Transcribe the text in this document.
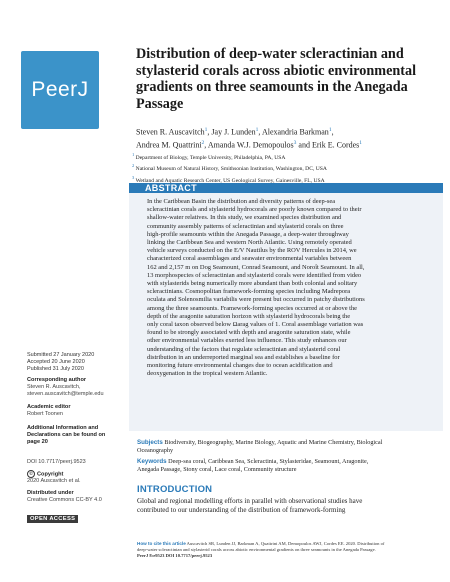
PeerJ
Distribution of deep-water scleractinian and stylasterid corals across abiotic environmental gradients on three seamounts in the Anegada Passage
Steven R. Auscavitch$^1$, Jay J. Lunden$^1$, Alexandria Barkman$^1$,
Andrea M. Quattrini$^2$, Amanda W.J. Demopoulos$^3$ and Erik E. Cordes$^1$
$^1$ Department of Biology, Temple University, Philadelphia, PA, USA
$^2$ National Museum of Natural History, Smithsonian Institution, Washington, DC, USA
$^3$ Wetland and Aquatic Research Center, US Geological Survey, Gainesville, FL, USA
ABSTRACT
In the Caribbean Basin the distribution and diversity patterns of deep-sea
scleractinian corals and stylasterid hydrocorals are poorly known compared to their
shallow-water relatives. In this study, we examined species distribution and
community assembly patterns of scleractinian and stylasterid corals on three
high-profile seamounts within the Anegada Passage, a deep-water throughway
linking the Caribbean Sea and western North Atlantic. Using remotely operated
vehicle surveys conducted on the E/V Nautilus by the ROV Hercules in 2014, we
characterized coral assemblages and seawater environmental variables between
162 and 2,157 m on Dog Seamount, Conrad Seamount, and Noroît Seamount. In all,
13 morphospecies of scleractinian and stylasterid corals were identified from video
with stylasterids being numerically more abundant than both colonial and solitary
scleractinians. Cosmopolitan framework-forming species including Madrepora
oculata and Solenosmilia variabilis were present but occurred in patchy distributions
among the three seamounts. Framework-forming species occurred at or above the
depth of the aragonite saturation horizon with stylasterid hydrocorals being the
only coral taxon observed below Ωarag values of 1. Coral assemblage variation was
found to be strongly associated with depth and aragonite saturation state, while
other environmental variables exerted less influence. This study enhances our
understanding of the factors that regulate scleractinian and stylasterid coral
distribution in an underreported marginal sea and establishes a baseline for
monitoring future environmental changes due to ocean acidification and
deoxygenation in the tropical western Atlantic.
Submitted 27 January 2020
Accepted 20 June 2020
Published 31 July 2020
Corresponding author
Steven R. Auscavitch,
steven.auscavitch@temple.edu
Academic editor
Robert Toonen
Additional Information and
Declarations can be found on
page 20
DOI 10.7717/peerj.9523
© Copyright
2020 Auscavitch et al.
Distributed under
Creative Commons CC-BY 4.0
OPEN ACCESS
Subjects Biodiversity, Biogeography, Marine Biology, Aquatic and Marine Chemistry, Biological
Oceanography
Keywords Deep-sea coral, Caribbean Sea, Scleractinia, Stylasteridae, Seamount, Aragonite,
Anegada Passage, Stony coral, Lace coral, Community structure
INTRODUCTION
Global and regional modelling efforts in parallel with observational studies have
contributed to our understanding of the distribution of framework-forming
How to cite this article Auscavitch SR, Lunden JJ, Barkman A, Quattrini AM, Demopoulos AWJ, Cordes EE. 2020. Distribution of
deep-water scleractinian and stylasterid corals across abiotic environmental gradients on three seamounts in the Anegada Passage.
PeerJ 8:e9523 DOI 10.7717/peerj.9523
